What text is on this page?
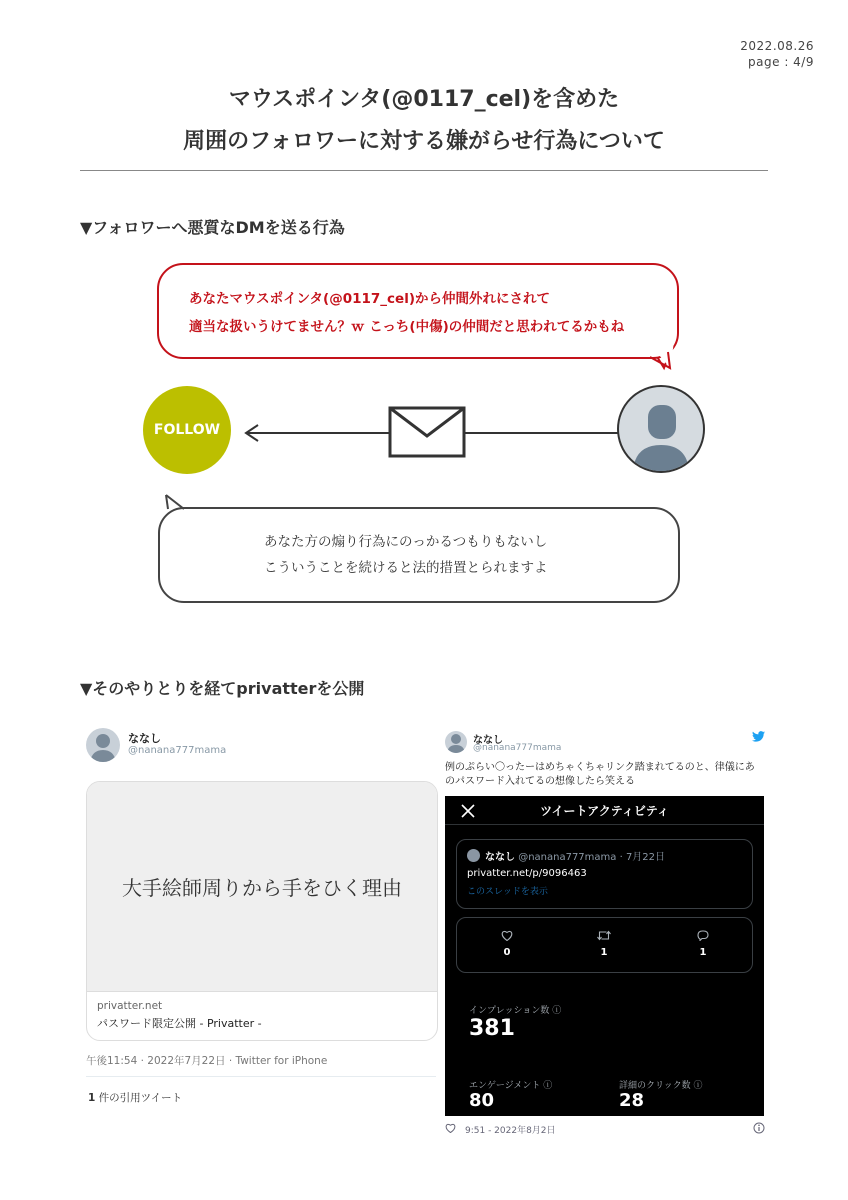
2022.08.26
page : 4/9
マウスポインタ(@0117_cel)を含めた
周囲のフォロワーに対する嫌がらせ行為について
▼フォロワーへ悪質なDMを送る行為
あなたマウスポインタ(@0117_cel)から仲間外れにされて
適当な扱いうけてません？ｗ こっち(中傷)の仲間だと思われてるかもね
FOLLOW
あなた方の煽り行為にのっかるつもりもないし
こういうことを続けると法的措置とられますよ
▼そのやりとりを経てprivatterを公開
ななし
@nanana777mama
大手絵師周りから手をひく理由
privatter.net
パスワード限定公開 - Privatter -
午後11:54 · 2022年7月22日 · Twitter for iPhone
1 件の引用ツイート
ななし
@nanana777mama
例のぷらい〇ったーはめちゃくちゃリンク踏まれてるのと、律儀にあのパスワード入れてるの想像したら笑える
ツイートアクティビティ
ななし @nanana777mama · 7月22日
privatter.net/p/9096463
このスレッドを表示
0	1	1
インプレッション数 ⓘ
381
エンゲージメント ⓘ
80
詳細のクリック数 ⓘ
28
9:51 - 2022年8月2日
